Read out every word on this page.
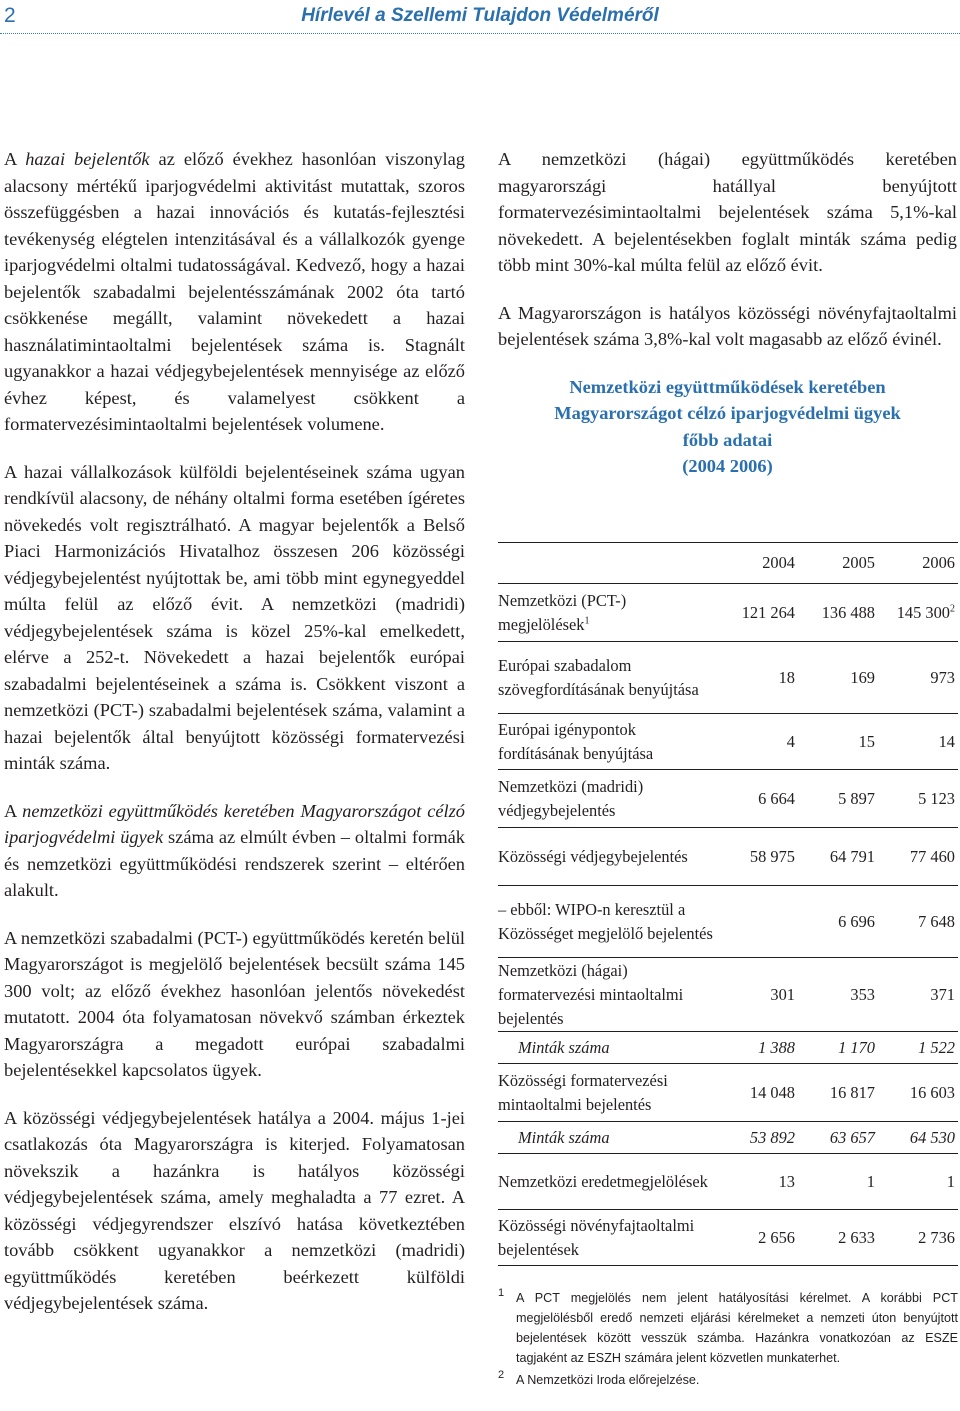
2	Hírlevél a Szellemi Tulajdon Védelméről

A hazai bejelentők az előző évekhez hasonlóan viszonylag alacsony mértékű iparjogvédelmi aktivitást mutattak, szoros összefüggésben a hazai innovációs és kutatás-fejlesztési tevékenység elégtelen intenzitásával és a vállalkozók gyenge iparjogvédelmi oltalmi tudatosságával. Kedvező, hogy a hazai bejelentők szabadalmi bejelentésszámának 2002 óta tartó csökkenése megállt, valamint növekedett a hazai használatimintaoltalmi bejelentések száma is. Stagnált ugyanakkor a hazai védjegybejelentések mennyisége az előző évhez képest, és valamelyest csökkent a formatervezésimintaoltalmi bejelentések volumene.

A hazai vállalkozások külföldi bejelentéseinek száma ugyan rendkívül alacsony, de néhány oltalmi forma esetében ígéretes növekedés volt regisztrálható. A magyar bejelentők a Belső Piaci Harmonizációs Hivatalhoz összesen 206 közösségi védjegybejelentést nyújtottak be, ami több mint egynegyeddel múlta felül az előző évit. A nemzetközi (madridi) védjegybejelentések száma is közel 25%-kal emelkedett, elérve a 252-t. Növekedett a hazai bejelentők európai szabadalmi bejelentéseinek a száma is. Csökkent viszont a nemzetközi (PCT-) szabadalmi bejelentések száma, valamint a hazai bejelentők által benyújtott közösségi formatervezési minták száma.

A nemzetközi együttműködés keretében Magyarországot célzó iparjogvédelmi ügyek száma az elmúlt évben – oltalmi formák és nemzetközi együttműködési rendszerek szerint – eltérően alakult.

A nemzetközi szabadalmi (PCT-) együttműködés keretén belül Magyarországot is megjelölő bejelentések becsült száma 145 300 volt; az előző évekhez hasonlóan jelentős növekedést mutatott. 2004 óta folyamatosan növekvő számban érkeztek Magyarországra a megadott európai szabadalmi bejelentésekkel kapcsolatos ügyek.

A közösségi védjegybejelentések hatálya a 2004. május 1-jei csatlakozás óta Magyarországra is kiterjed. Folyamatosan növekszik a hazánkra is hatályos közösségi védjegybejelentések száma, amely meghaladta a 77 ezret. A közösségi védjegyrendszer elszívó hatása következtében tovább csökkent ugyanakkor a nemzetközi (madridi) együttműködés keretében beérkezett külföldi védjegybejelentések száma.

A nemzetközi (hágai) együttműködés keretében magyarországi hatállyal benyújtott formatervezésimintaoltalmi bejelentések száma 5,1%-kal növekedett. A bejelentésekben foglalt minták száma pedig több mint 30%-kal múlta felül az előző évit.

A Magyarországon is hatályos közösségi növényfajtaoltalmi bejelentések száma 3,8%-kal volt magasabb az előző évinél.

Nemzetközi együttműködések keretében
Magyarországot célzó iparjogvédelmi ügyek
főbb adatai
(2004 2006)
	2004	2005	2006
Nemzetközi (PCT-) megjelölések$^1$	121 264	136 488	145 $300^2$
Európai szabadalom szövegfordításának benyújtása	18	169	973
Európai igénypontok fordításának benyújtása	4	15	14
Nemzetközi (madridi) védjegybejelentés	6 664	5 897	5 123
Közösségi védjegybejelentés	58 975	64 791	77 460
– ebből: WIPO-n keresztül a Közösséget megjelölő bejelentés		6 696	7 648
Nemzetközi (hágai) formatervezési mintaoltalmi bejelentés	301	353	371
Minták száma	1 388	1 170	1 522
Közösségi formatervezési mintaoltalmi bejelentés	14 048	16 817	16 603
Minták száma	53 892	63 657	64 530
Nemzetközi eredetmegjelölések	13	1	1
Közösségi növényfajtaoltalmi bejelentések	2 656	2 633	2 736
1 A PCT megjelölés nem jelent hatályosítási kérelmet. A korábbi PCT megjelölésből eredő nemzeti eljárási kérelmeket a nemzeti úton benyújtott bejelentések között vesszük számba. Hazánkra vonatkozóan az ESZE tagjaként az ESZH számára jelent közvetlen munkaterhet.
2 A Nemzetközi Iroda előrejelzése.
